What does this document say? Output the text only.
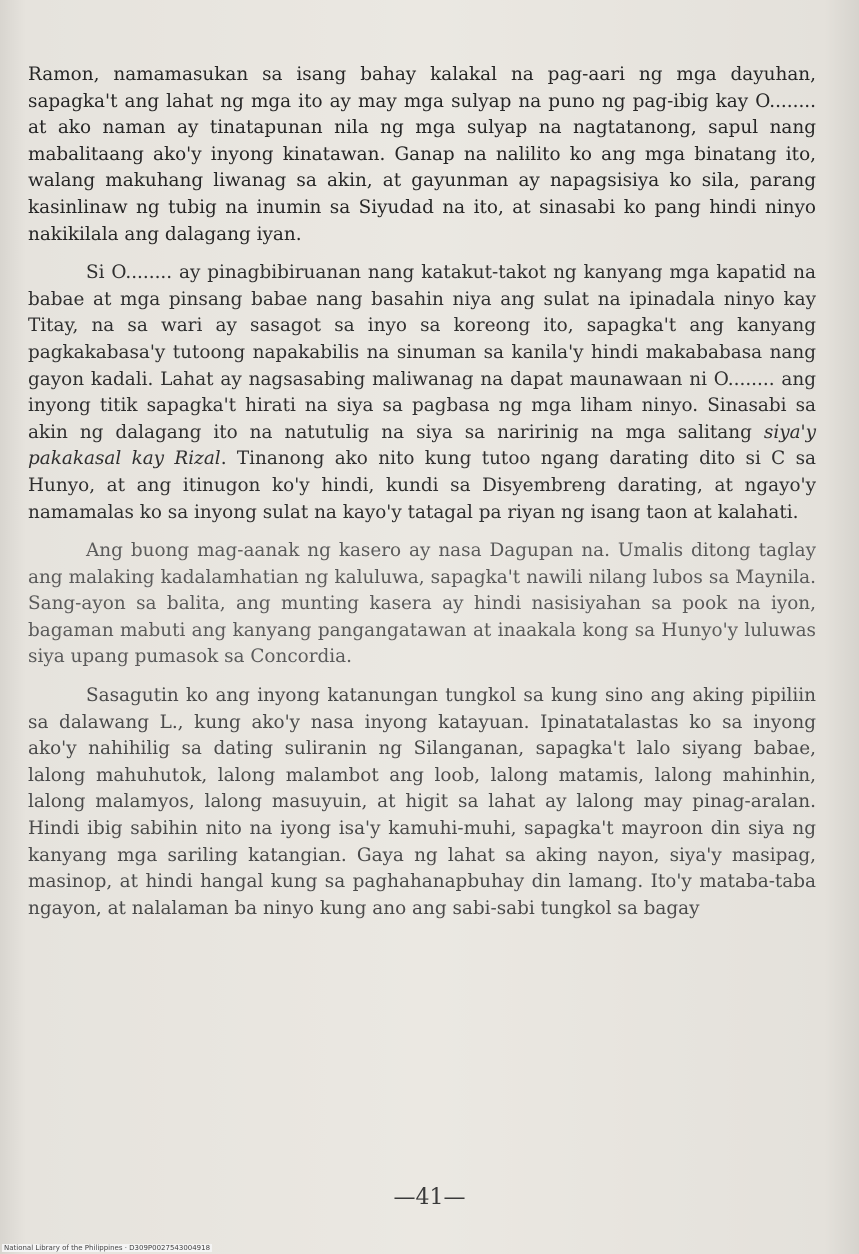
Ramon, namamasukan sa isang bahay kalakal na pag-aari ng mga dayuhan, sapagka't ang lahat ng mga ito ay may mga sulyap na puno ng pag-ibig kay O........ at ako naman ay tinatapunan nila ng mga sulyap na nagtatanong, sapul nang mabalitaang ako'y inyong kinatawan. Ganap na nalilito ko ang mga binatang ito, walang makuhang liwanag sa akin, at gayunman ay napagsisiya ko sila, parang kasinlinaw ng tubig na inumin sa Siyudad na ito, at sinasabi ko pang hindi ninyo nakikilala ang dalagang iyan.

Si O........ ay pinagbibiruanan nang katakut-takot ng kanyang mga kapatid na babae at mga pinsang babae nang basahin niya ang sulat na ipinadala ninyo kay Titay, na sa wari ay sasagot sa inyo sa koreong ito, sapagka't ang kanyang pagkakabasa'y tutoong napakabilis na sinuman sa kanila'y hindi makababasa nang gayon kadali. Lahat ay nagsasabing maliwanag na dapat maunawaan ni O........ ang inyong titik sapagka't hirati na siya sa pagbasa ng mga liham ninyo. Sinasabi sa akin ng dalagang ito na natutulig na siya sa naririnig na mga salitang siya'y pakakasal kay Rizal. Tinanong ako nito kung tutoo ngang darating dito si C sa Hunyo, at ang itinugon ko'y hindi, kundi sa Disyembreng darating, at ngayo'y namamalas ko sa inyong sulat na kayo'y tatagal pa riyan ng isang taon at kalahati.

Ang buong mag-aanak ng kasero ay nasa Dagupan na. Umalis ditong taglay ang malaking kadalamhatian ng kaluluwa, sapagka't nawili nilang lubos sa Maynila. Sang-ayon sa balita, ang munting kasera ay hindi nasisiyahan sa pook na iyon, bagaman mabuti ang kanyang pangangatawan at inaakala kong sa Hunyo'y luluwas siya upang pumasok sa Concordia.

Sasagutin ko ang inyong katanungan tungkol sa kung sino ang aking pipiliin sa dalawang L., kung ako'y nasa inyong katayuan. Ipinatatalastas ko sa inyong ako'y nahihilig sa dating suliranin ng Silanganan, sapagka't lalo siyang babae, lalong mahuhutok, lalong malambot ang loob, lalong matamis, lalong mahinhin, lalong malamyos, lalong masuyuin, at higit sa lahat ay lalong may pinag-aralan. Hindi ibig sabihin nito na iyong isa'y kamuhi-muhi, sapagka't mayroon din siya ng kanyang mga sariling katangian. Gaya ng lahat sa aking nayon, siya'y masipag, masinop, at hindi hangal kung sa paghahanapbuhay din lamang. Ito'y mataba-taba ngayon, at nalalaman ba ninyo kung ano ang sabi-sabi tungkol sa bagay

—41—
National Library of the Philippines · D309P0027543004918
